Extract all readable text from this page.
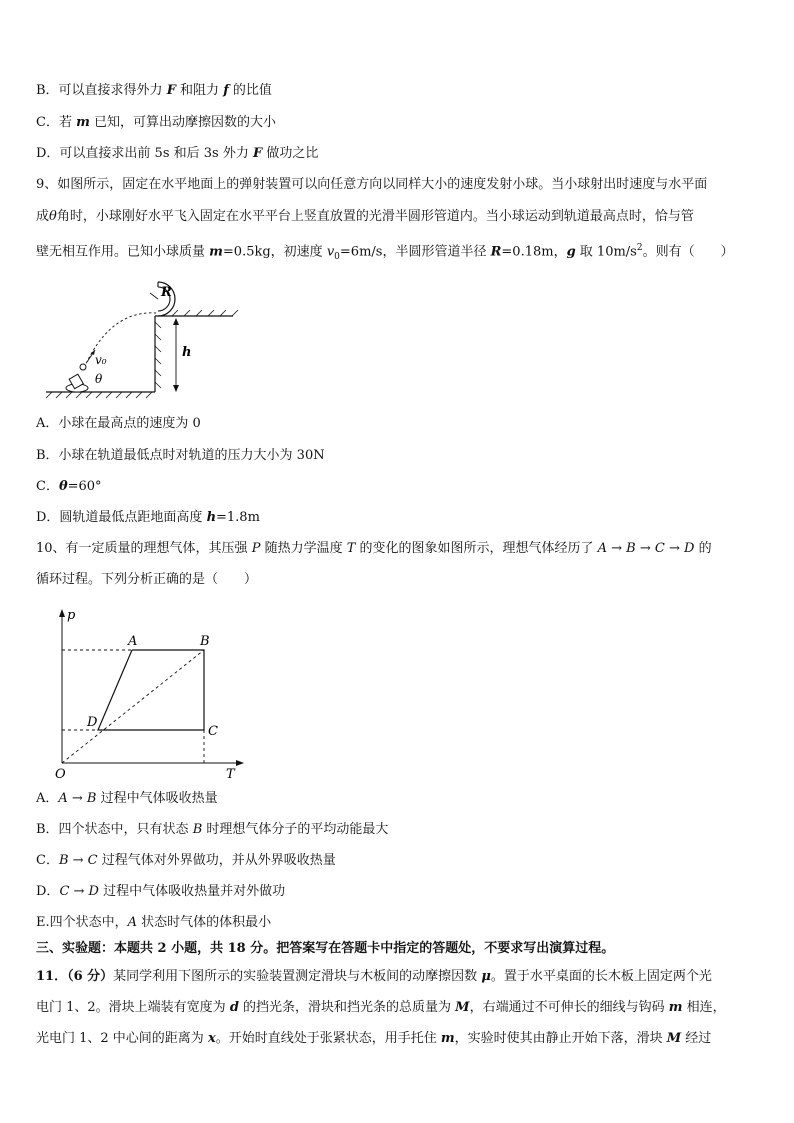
B．可以直接求得外力 F 和阻力 f 的比值
C．若 m 已知，可算出动摩擦因数的大小
D．可以直接求出前 5s 和后 3s 外力 F 做功之比
9、如图所示，固定在水平地面上的弹射装置可以向任意方向以同样大小的速度发射小球。当小球射出时速度与水平面
成θ角时，小球刚好水平飞入固定在水平平台上竖直放置的光滑半圆形管道内。当小球运动到轨道最高点时，恰与管
壁无相互作用。已知小球质量 m=0.5kg，初速度 $v_0=6m/s$，半圆形管道半径 R=0.18m，g 取 $10m/s^2$。则有（　　）
R
v₀
θ
h
A．小球在最高点的速度为 0
B．小球在轨道最低点时对轨道的压力大小为 30N
C．θ=60°
D．圆轨道最低点距地面高度 h=1.8m
10、有一定质量的理想气体，其压强 P 随热力学温度 T 的变化的图象如图所示，理想气体经历了 A → B → C → D 的
循环过程。下列分析正确的是（　　）
p
T
O
A	B
C
D
A．A → B 过程中气体吸收热量
B．四个状态中，只有状态 B 时理想气体分子的平均动能最大
C．B → C 过程气体对外界做功，并从外界吸收热量
D．C → D 过程中气体吸收热量并对外做功
E.四个状态中，A 状态时气体的体积最小
三、实验题：本题共 2 小题，共 18 分。把答案写在答题卡中指定的答题处，不要求写出演算过程。
11．（6 分）某同学利用下图所示的实验装置测定滑块与木板间的动摩擦因数 μ。置于水平桌面的长木板上固定两个光
电门 1、2。滑块上端装有宽度为 d 的挡光条，滑块和挡光条的总质量为 M，右端通过不可伸长的细线与钩码 m 相连，
光电门 1、2 中心间的距离为 x。开始时直线处于张紧状态，用手托住 m，实验时使其由静止开始下落，滑块 M 经过
